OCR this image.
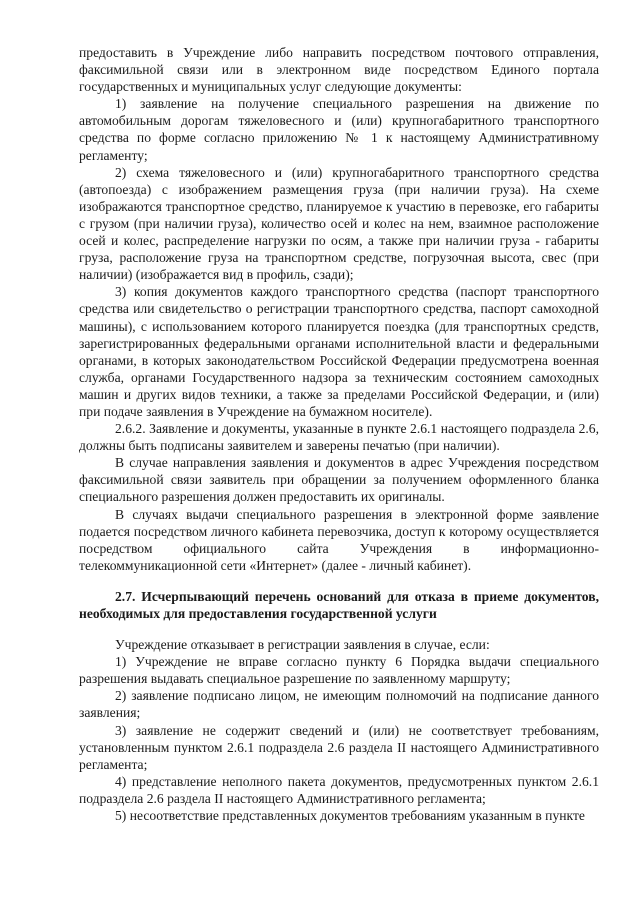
предоставить в Учреждение либо направить посредством почтового отправления, факсимильной связи или в электронном виде посредством Единого портала государственных и муниципальных услуг следующие документы:

1) заявление на получение специального разрешения на движение по автомобильным дорогам тяжеловесного и (или) крупногабаритного транспортного средства по форме согласно приложению № 1 к настоящему Административному регламенту;

2) схема тяжеловесного и (или) крупногабаритного транспортного средства (автопоезда) с изображением размещения груза (при наличии груза). На схеме изображаются транспортное средство, планируемое к участию в перевозке, его габариты с грузом (при наличии груза), количество осей и колес на нем, взаимное расположение осей и колес, распределение нагрузки по осям, а также при наличии груза - габариты груза, расположение груза на транспортном средстве, погрузочная высота, свес (при наличии) (изображается вид в профиль, сзади);

3) копия документов каждого транспортного средства (паспорт транспортного средства или свидетельство о регистрации транспортного средства, паспорт самоходной машины), с использованием которого планируется поездка (для транспортных средств, зарегистрированных федеральными органами исполнительной власти и федеральными органами, в которых законодательством Российской Федерации предусмотрена военная служба, органами Государственного надзора за техническим состоянием самоходных машин и других видов техники, а также за пределами Российской Федерации, и (или) при подаче заявления в Учреждение на бумажном носителе).

2.6.2. Заявление и документы, указанные в пункте 2.6.1 настоящего подраздела 2.6, должны быть подписаны заявителем и заверены печатью (при наличии).

В случае направления заявления и документов в адрес Учреждения посредством факсимильной связи заявитель при обращении за получением оформленного бланка специального разрешения должен предоставить их оригиналы.

В случаях выдачи специального разрешения в электронной форме заявление подается посредством личного кабинета перевозчика, доступ к которому осуществляется посредством официального сайта Учреждения в информационно-телекоммуникационной сети «Интернет» (далее - личный кабинет).

2.7. Исчерпывающий перечень оснований для отказа в приеме документов, необходимых для предоставления государственной услуги

Учреждение отказывает в регистрации заявления в случае, если:

1) Учреждение не вправе согласно пункту 6 Порядка выдачи специального разрешения выдавать специальное разрешение по заявленному маршруту;

2) заявление подписано лицом, не имеющим полномочий на подписание данного заявления;

3) заявление не содержит сведений и (или) не соответствует требованиям, установленным пунктом 2.6.1 подраздела 2.6 раздела II настоящего Административного регламента;

4) представление неполного пакета документов, предусмотренных пунктом 2.6.1 подраздела 2.6 раздела II настоящего Административного регламента;

5) несоответствие представленных документов требованиям указанным в пункте
